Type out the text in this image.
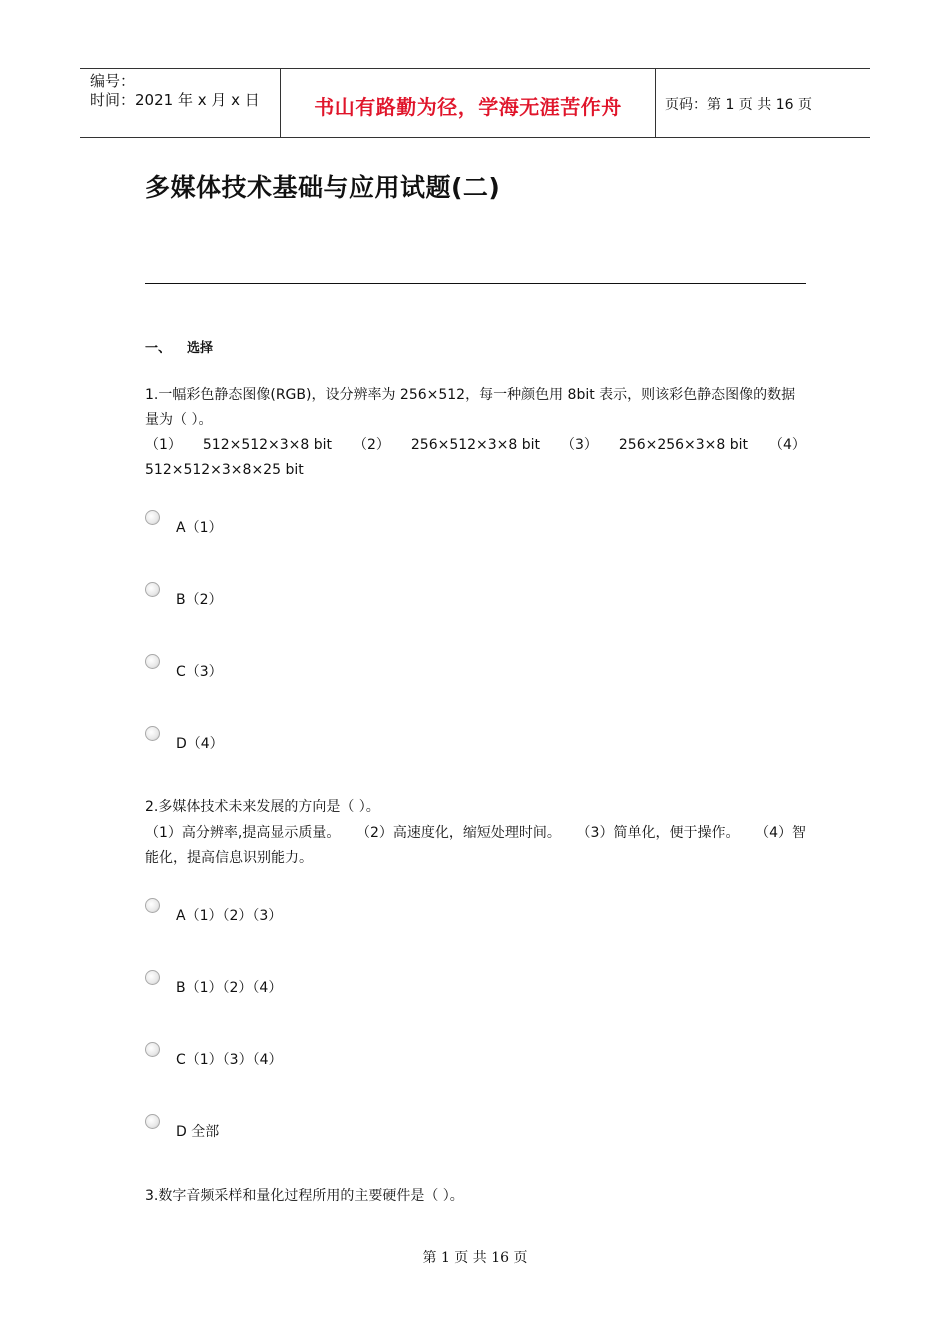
编号：
时间：2021 年 x 月 x 日	书山有路勤为径，学海无涯苦作舟	页码：第 1 页 共 16 页
多媒体技术基础与应用试题(二)
一、 选择
1.一幅彩色静态图像(RGB)，设分辨率为 256×512，每一种颜色用 8bit 表示，则该彩色静态图像的数据
量为（ ）。
（1） 512×512×3×8 bit （2） 256×512×3×8 bit （3） 256×256×3×8 bit （4）
512×512×3×8×25 bit
A（1）
B（2）
C（3）
D（4）
2.多媒体技术未来发展的方向是（ ）。
（1）高分辨率,提高显示质量。 （2）高速度化，缩短处理时间。 （3）简单化，便于操作。 （4）智
能化，提高信息识别能力。
A（1）（2）（3）
B（1）（2）（4）
C（1）（3）（4）
D 全部
3.数字音频采样和量化过程所用的主要硬件是（ ）。
第 1 页 共 16 页
